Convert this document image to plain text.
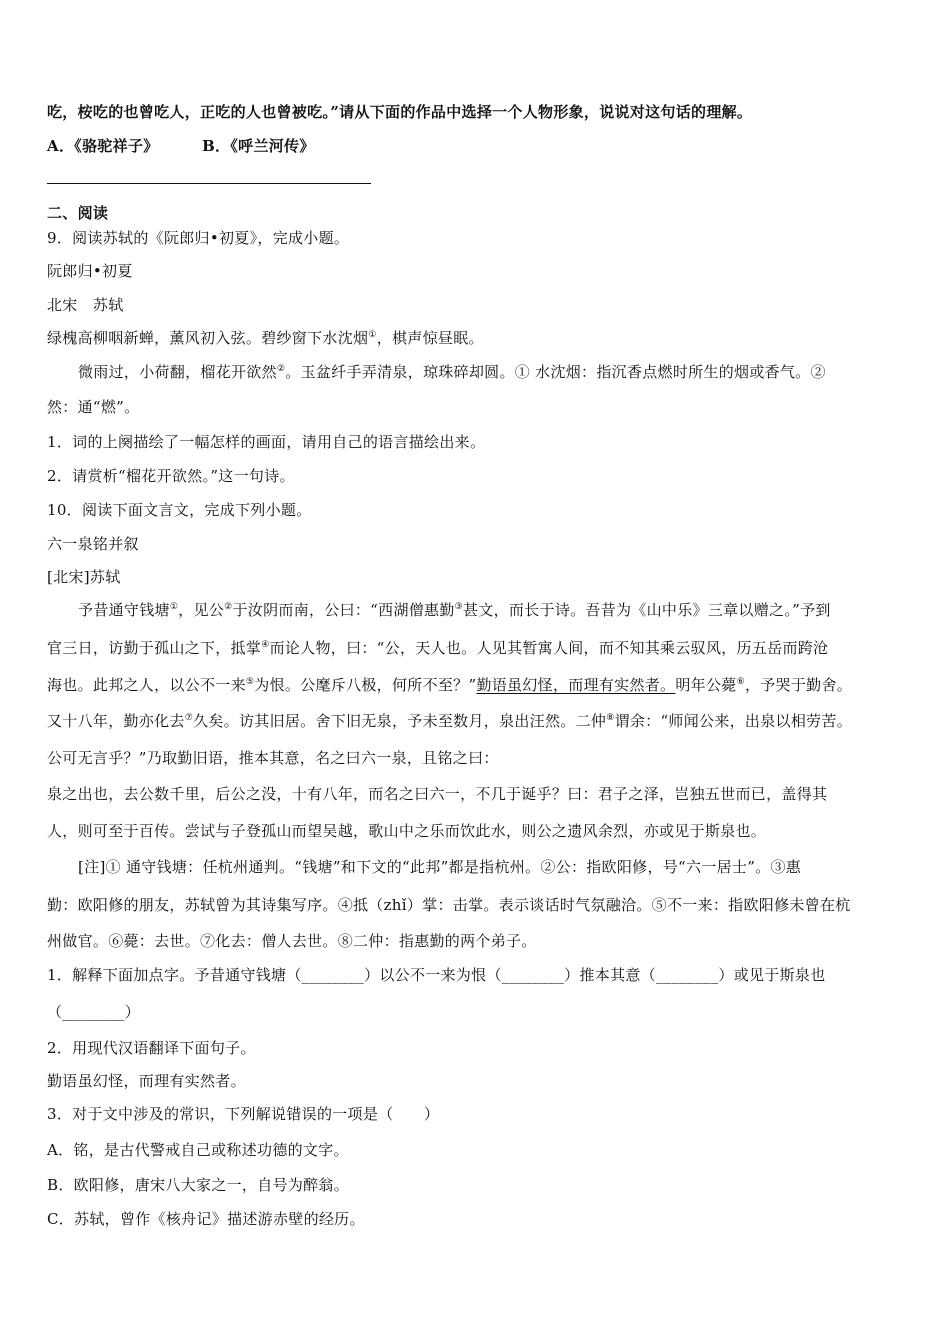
吃，桉吃的也曾吃人，正吃的人也曾被吃。”请从下面的作品中选择一个人物形象，说说对这句话的理解。
A．《骆驼祥子》	B．《呼兰河传》
二、阅读
9．阅读苏轼的《阮郎归•初夏》，完成小题。
阮郎归•初夏
北宋　苏轼
绿槐高柳咽新蝉，薰风初入弦。碧纱窗下水沈烟①，棋声惊昼眠。
微雨过，小荷翻，榴花开欲然②。玉盆纤手弄清泉，琼珠碎却圆。① 水沈烟：指沉香点燃时所生的烟或香气。②
然：通“燃”。
1．词的上阕描绘了一幅怎样的画面，请用自己的语言描绘出来。
2．请赏析“榴花开欲然。”这一句诗。
10．阅读下面文言文，完成下列小题。
六一泉铭并叙
[北宋]苏轼
予昔通守钱塘①，见公②于汝阴而南，公曰：“西湖僧惠勤③甚文，而长于诗。吾昔为《山中乐》三章以赠之。”予到
官三日，访勤于孤山之下，抵掌④而论人物，曰：“公，天人也。人见其暂寓人间，而不知其乘云驭风，历五岳而跨沧
海也。此邦之人，以公不一来⑤为恨。公麾斥八极，何所不至？”勤语虽幻怪，而理有实然者。明年公薨⑥，予哭于勤舍。
又十八年，勤亦化去⑦久矣。访其旧居。舍下旧无泉，予未至数月，泉出汪然。二仲⑧谓余：“师闻公来，出泉以相劳苦。
公可无言乎？”乃取勤旧语，推本其意，名之曰六一泉，且铭之曰：
泉之出也，去公数千里，后公之没，十有八年，而名之曰六一，不几于诞乎？曰：君子之泽，岂独五世而已，盖得其
人，则可至于百传。尝试与子登孤山而望吴越，歌山中之乐而饮此水，则公之遗风余烈，亦或见于斯泉也。
[注]① 通守钱塘：任杭州通判。“钱塘”和下文的“此邦”都是指杭州。②公：指欧阳修，号“六一居士”。③惠
勤：欧阳修的朋友，苏轼曾为其诗集写序。④抵（zhǐ）掌：击掌。表示谈话时气氛融洽。⑤不一来：指欧阳修未曾在杭
州做官。⑥薨：去世。⑦化去：僧人去世。⑧二仲：指惠勤的两个弟子。
1．解释下面加点字。予昔通守钱塘（________）以公不一来为恨（________）推本其意（________）或见于斯泉也
（________）
2．用现代汉语翻译下面句子。
勤语虽幻怪，而理有实然者。
3．对于文中涉及的常识，下列解说错误的一项是（　　）
A．铭，是古代警戒自己或称述功德的文字。
B．欧阳修，唐宋八大家之一，自号为醉翁。
C．苏轼，曾作《核舟记》描述游赤壁的经历。
